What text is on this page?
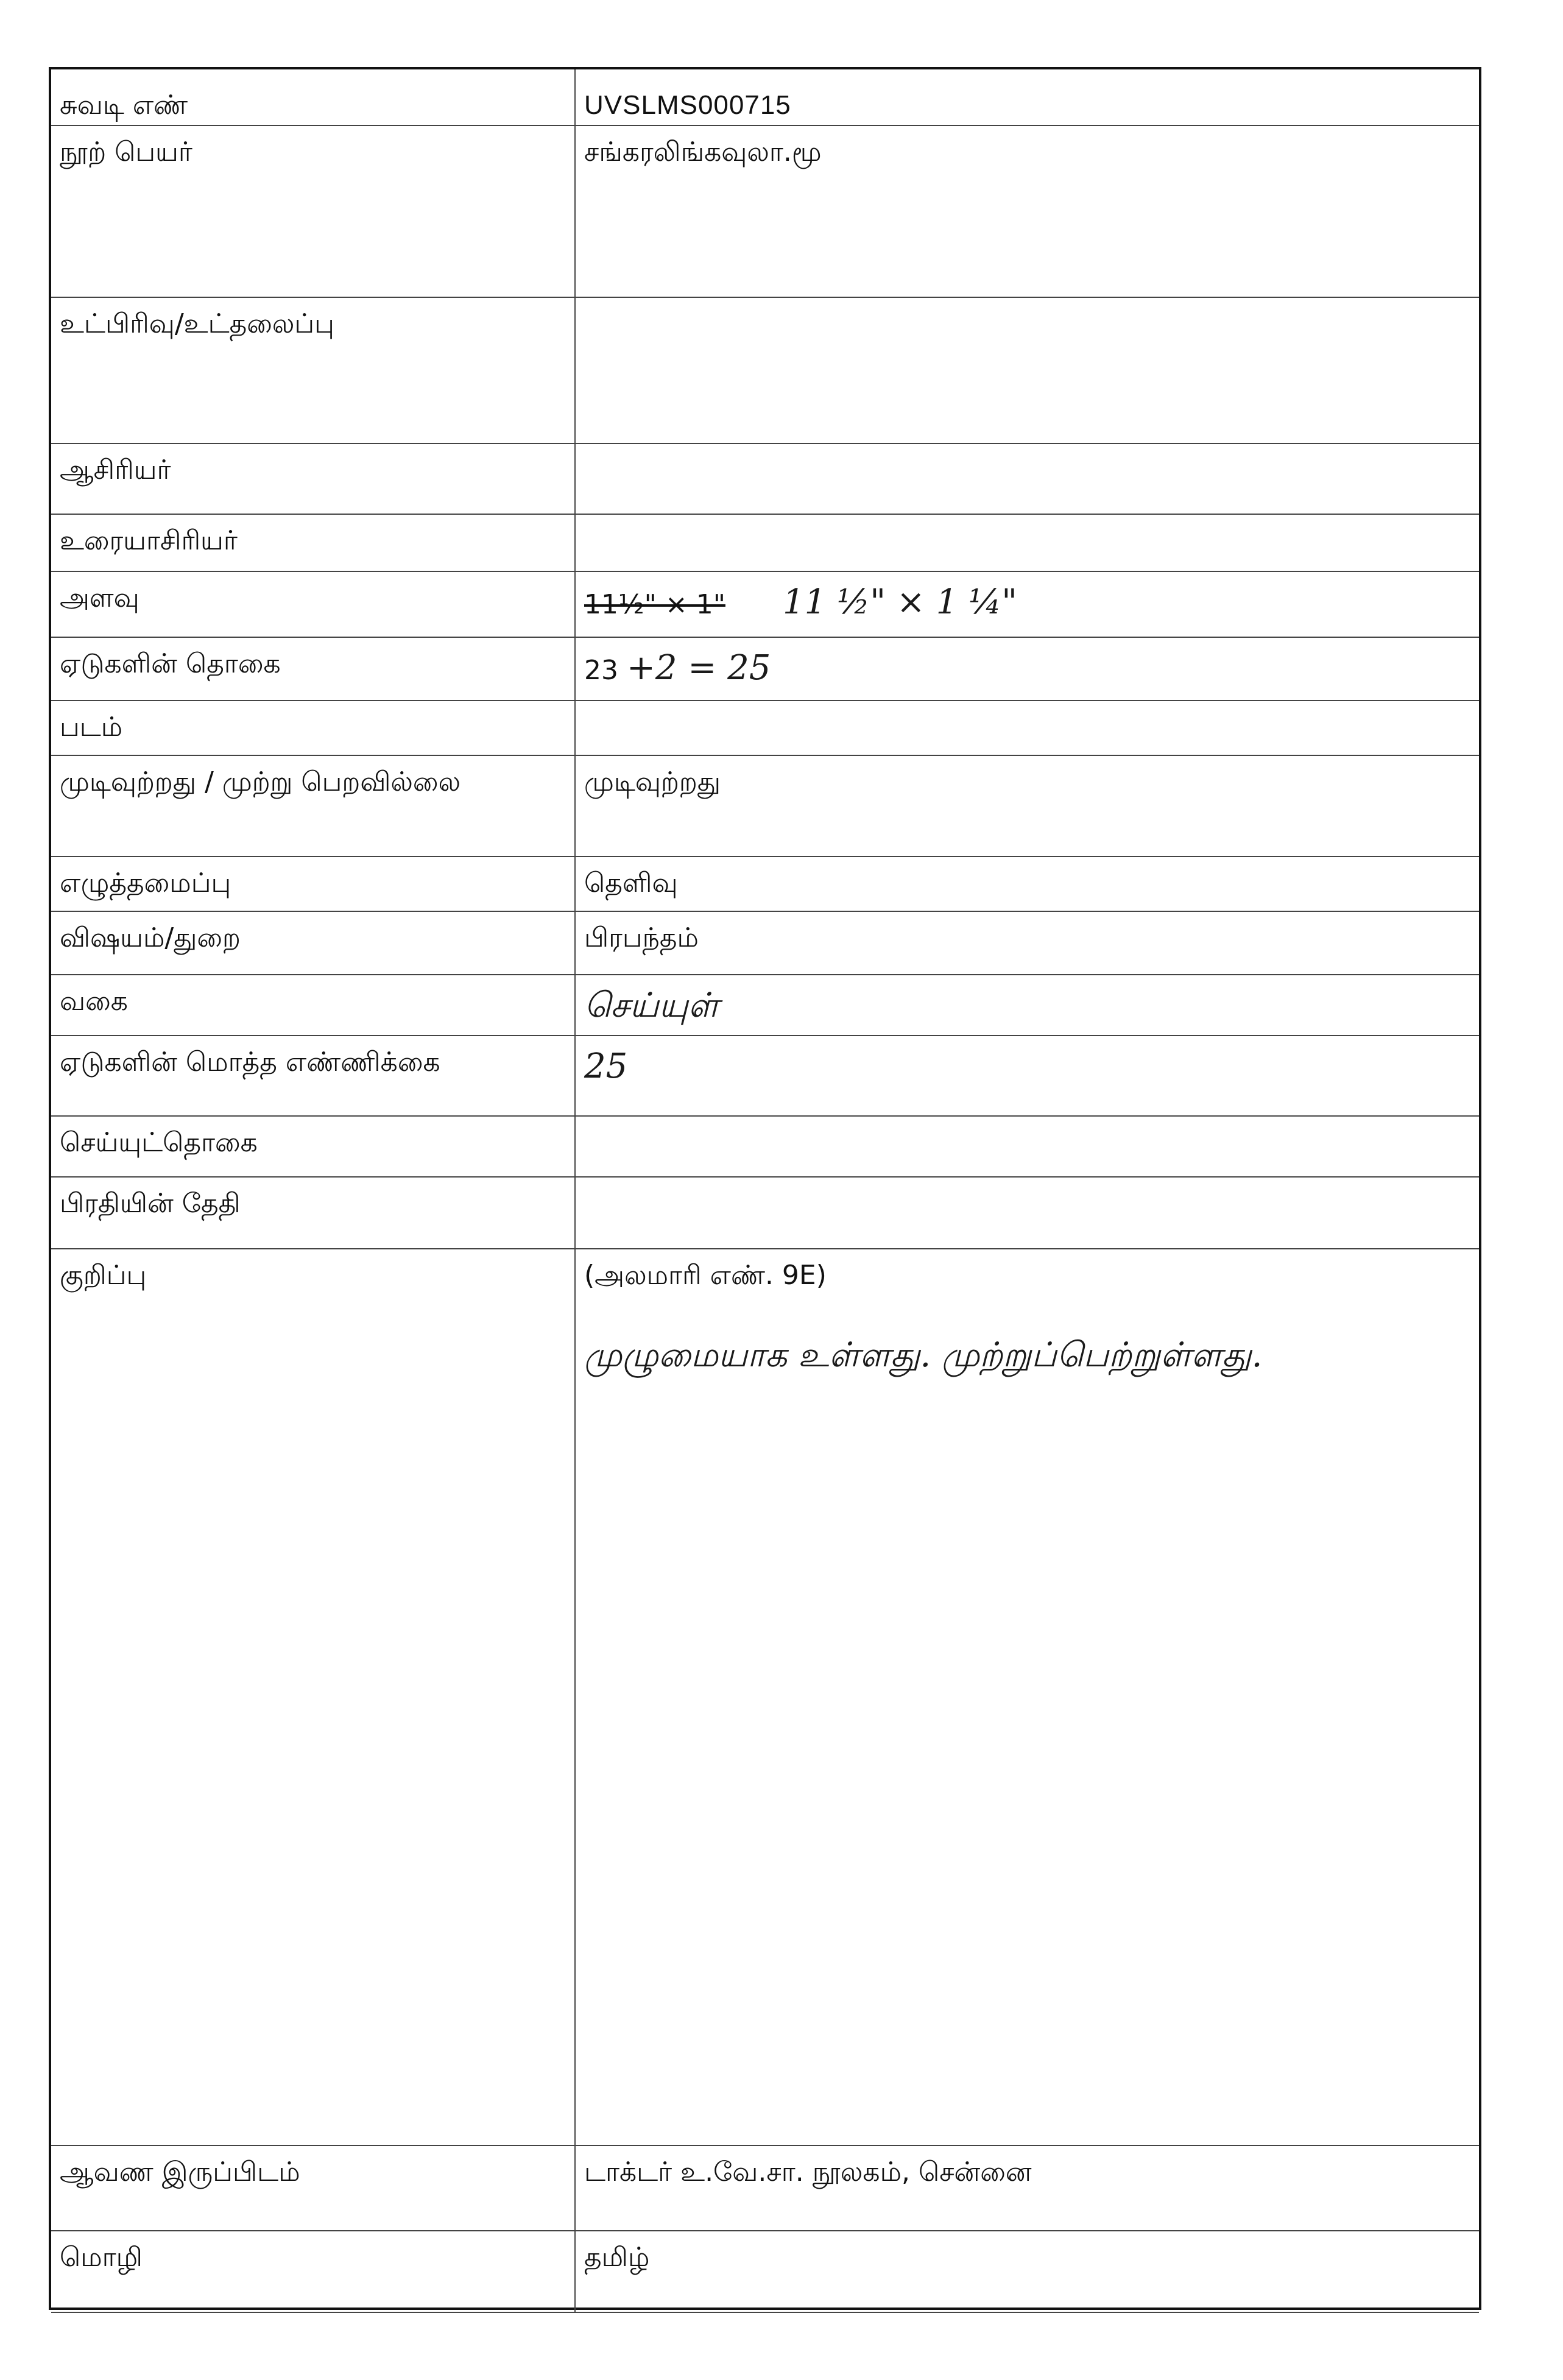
சுவடி எண்	UVSLMS000715
நூற் பெயர்	சங்கரலிங்கவுலா.மூ
உட்பிரிவு/உட்தலைப்பு	
ஆசிரியர்	
உரையாசிரியர்	
அளவு	11½" × 1" 11 ½" × 1 ¼"
ஏடுகளின் தொகை	23 +2 = 25
படம்	
முடிவுற்றது / முற்று பெறவில்லை	முடிவுற்றது
எழுத்தமைப்பு	தெளிவு
விஷயம்/துறை	பிரபந்தம்
வகை	செய்யுள்
ஏடுகளின் மொத்த எண்ணிக்கை	25
செய்யுட்தொகை	
பிரதியின் தேதி	
குறிப்பு	(அலமாரி எண். 9E)
முழுமையாக உள்ளது. முற்றுப்பெற்றுள்ளது.

ஆவண இருப்பிடம்	டாக்டர் உ.வே.சா. நூலகம், சென்னை
மொழி	தமிழ்
